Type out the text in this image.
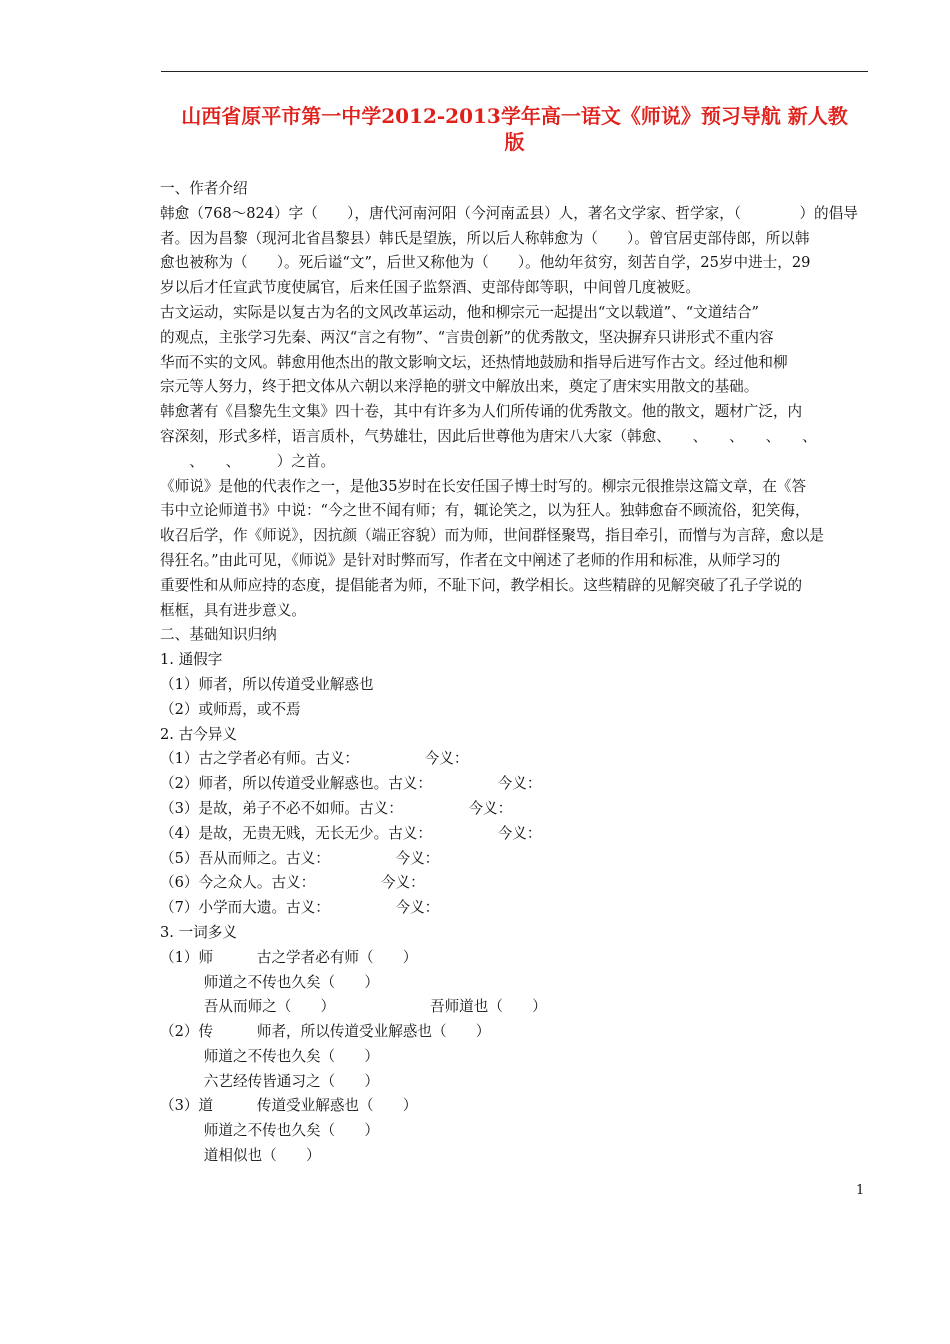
山西省原平市第一中学2012-2013学年高一语文《师说》预习导航 新人教
版
一、作者介绍
韩愈（768～824）字（　　），唐代河南河阳（今河南孟县）人，著名文学家、哲学家，（　　　　）的倡导
者。因为昌黎（现河北省昌黎县）韩氏是望族，所以后人称韩愈为（　　）。曾官居吏部侍郎，所以韩
愈也被称为（　　）。死后谥“文”，后世又称他为（　　）。他幼年贫穷，刻苦自学，25岁中进士，29
岁以后才任宣武节度使属官，后来任国子监祭酒、吏部侍郎等职，中间曾几度被贬。
古文运动，实际是以复古为名的文风改革运动，他和柳宗元一起提出“文以载道”、“文道结合”
的观点，主张学习先秦、两汉“言之有物”、“言贵创新”的优秀散文，坚决摒弃只讲形式不重内容
华而不实的文风。韩愈用他杰出的散文影响文坛，还热情地鼓励和指导后进写作古文。经过他和柳
宗元等人努力，终于把文体从六朝以来浮艳的骈文中解放出来，奠定了唐宋实用散文的基础。
韩愈著有《昌黎先生文集》四十卷，其中有许多为人们所传诵的优秀散文。他的散文，题材广泛，内
容深刻，形式多样，语言质朴，气势雄壮，因此后世尊他为唐宋八大家（韩愈、　　、　　、　　、　　、
　　、　　、　　　）之首。
《师说》是他的代表作之一，是他35岁时在长安任国子博士时写的。柳宗元很推崇这篇文章，在《答
韦中立论师道书》中说：“今之世不闻有师；有，辄论笑之，以为狂人。独韩愈奋不顾流俗，犯笑侮，
收召后学，作《师说》，因抗颜（端正容貌）而为师，世间群怪聚骂，指目牵引，而憎与为言辞，愈以是
得狂名。”由此可见，《师说》是针对时弊而写，作者在文中阐述了老师的作用和标准，从师学习的
重要性和从师应持的态度，提倡能者为师，不耻下问，教学相长。这些精辟的见解突破了孔子学说的
框框，具有进步意义。
二、基础知识归纳
1. 通假字
（1）师者，所以传道受业解惑也
（2）或师焉，或不焉
2. 古今异义
（1）古之学者必有师。古义：　　　　　今义：
（2）师者，所以传道受业解惑也。古义：　　　　　今义：
（3）是故，弟子不必不如师。古义：　　　　　今义：
（4）是故，无贵无贱，无长无少。古义：　　　　　今义：
（5）吾从而师之。古义：　　　　　今义：
（6）今之众人。古义：　　　　　今义：
（7）小学而大遗。古义：　　　　　今义：
3. 一词多义
（1）师　　　古之学者必有师（　　）
　　　师道之不传也久矣（　　）
　　　吾从而师之（　　）　　　　　　　吾师道也（　　）
（2）传　　　师者，所以传道受业解惑也（　　）
　　　师道之不传也久矣（　　）
　　　六艺经传皆通习之（　　）
（3）道　　　传道受业解惑也（　　）
　　　师道之不传也久矣（　　）
　　　道相似也（　　）
1
